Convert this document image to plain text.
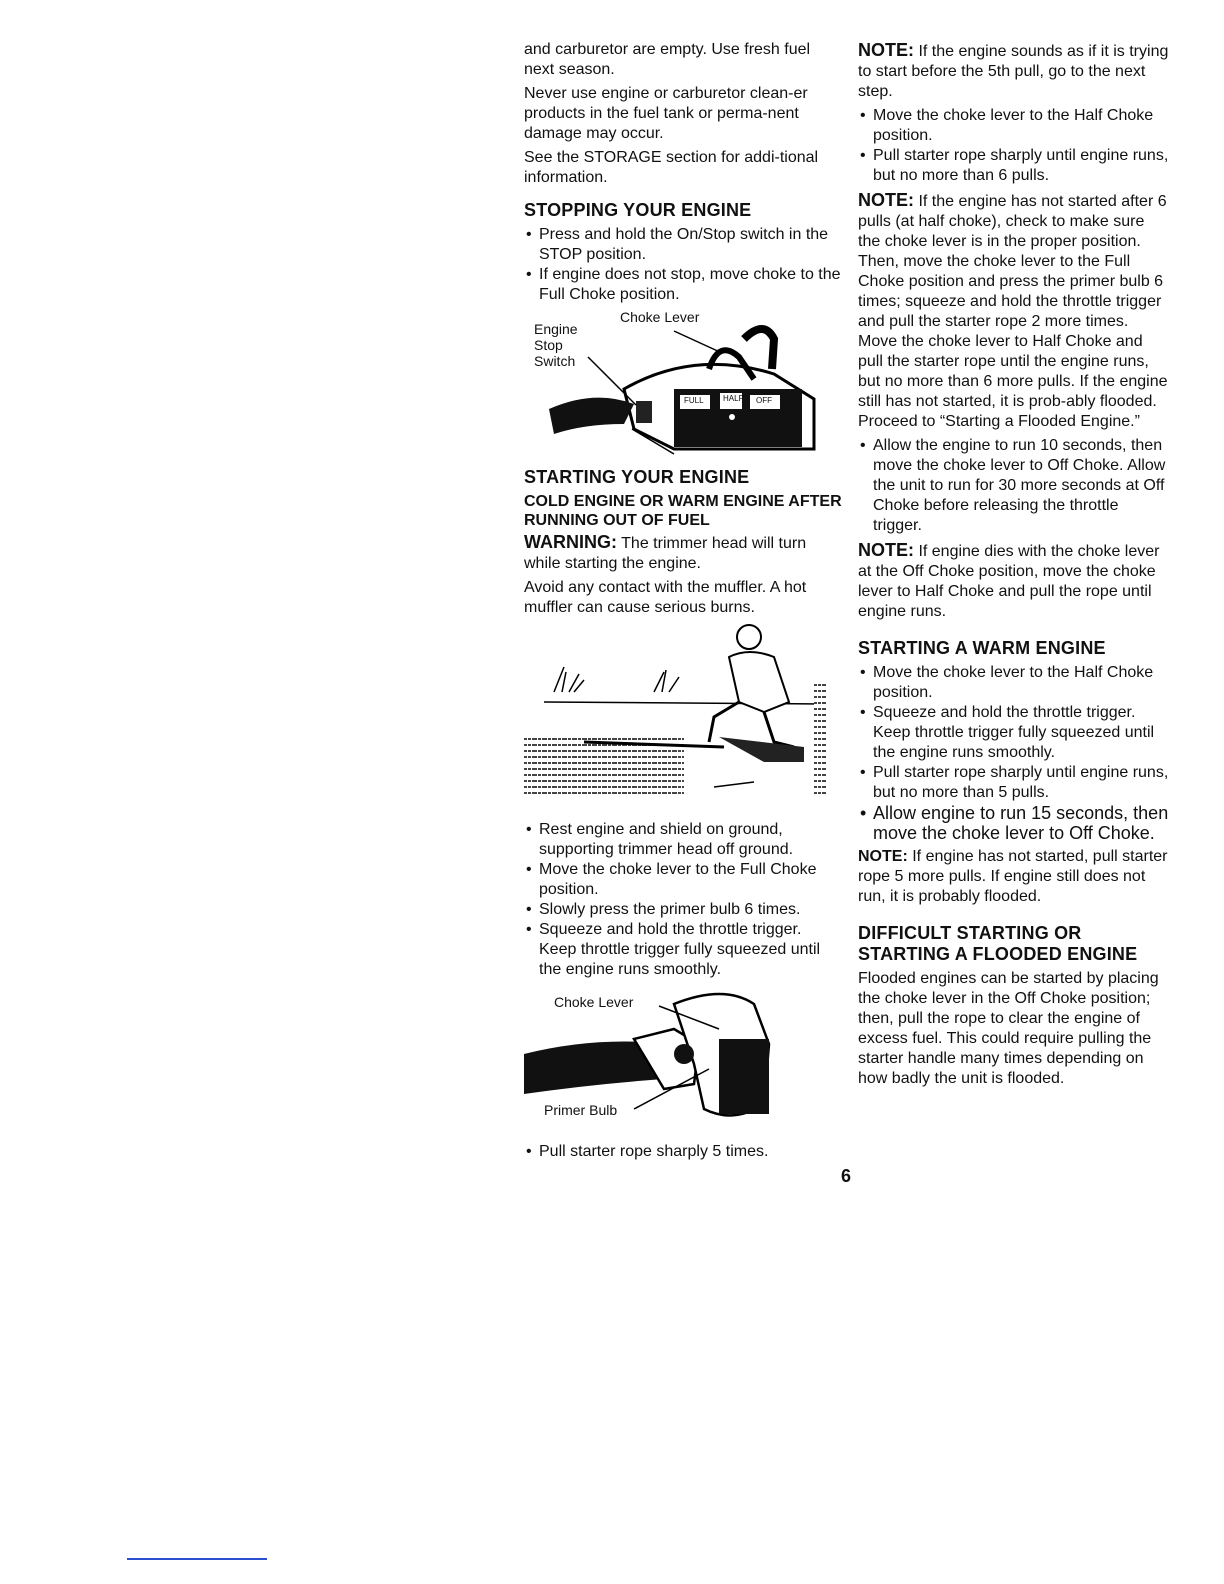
and carburetor are empty. Use fresh fuel next season.

Never use engine or carburetor clean-er products in the fuel tank or perma-nent damage may occur.

See the STORAGE section for addi-tional information.

STOPPING YOUR ENGINE
• Press and hold the On/Stop switch in the STOP position.
• If engine does not stop, move choke to the Full Choke position.
Choke Lever
Engine
Stop
Switch
FULL HALF OFF
STARTING YOUR ENGINE
COLD ENGINE OR WARM ENGINE AFTER RUNNING OUT OF FUEL

WARNING: The trimmer head will turn while starting the engine.

Avoid any contact with the muffler. A hot muffler can cause serious burns.

• Rest engine and shield on ground, supporting trimmer head off ground.
• Move the choke lever to the Full Choke position.
• Slowly press the primer bulb 6 times.
• Squeeze and hold the throttle trigger. Keep throttle trigger fully squeezed until the engine runs smoothly.
Choke Lever
Primer Bulb
• Pull starter rope sharply 5 times.

NOTE: If the engine sounds as if it is trying to start before the 5th pull, go to the next step.

• Move the choke lever to the Half Choke position.
• Pull starter rope sharply until engine runs, but no more than 6 pulls.

NOTE: If the engine has not started after 6 pulls (at half choke), check to make sure the choke lever is in the proper position. Then, move the choke lever to the Full Choke position and press the primer bulb 6 times; squeeze and hold the throttle trigger and pull the starter rope 2 more times. Move the choke lever to Half Choke and pull the starter rope until the engine runs, but no more than 6 more pulls. If the engine still has not started, it is prob-ably flooded. Proceed to “Starting a Flooded Engine.”

• Allow the engine to run 10 seconds, then move the choke lever to Off Choke. Allow the unit to run for 30 more seconds at Off Choke before releasing the throttle trigger.

NOTE: If engine dies with the choke lever at the Off Choke position, move the choke lever to Half Choke and pull the rope until engine runs.

STARTING A WARM ENGINE
• Move the choke lever to the Half Choke position.
• Squeeze and hold the throttle trigger. Keep throttle trigger fully squeezed until the engine runs smoothly.
• Pull starter rope sharply until engine runs, but no more than 5 pulls.
• Allow engine to run 15 seconds, then move the choke lever to Off Choke.

NOTE: If engine has not started, pull starter rope 5 more pulls. If engine still does not run, it is probably flooded.

DIFFICULT STARTING OR
STARTING A FLOODED ENGINE

Flooded engines can be started by placing the choke lever in the Off Choke position; then, pull the rope to clear the engine of excess fuel. This could require pulling the starter handle many times depending on how badly the unit is flooded.

6
